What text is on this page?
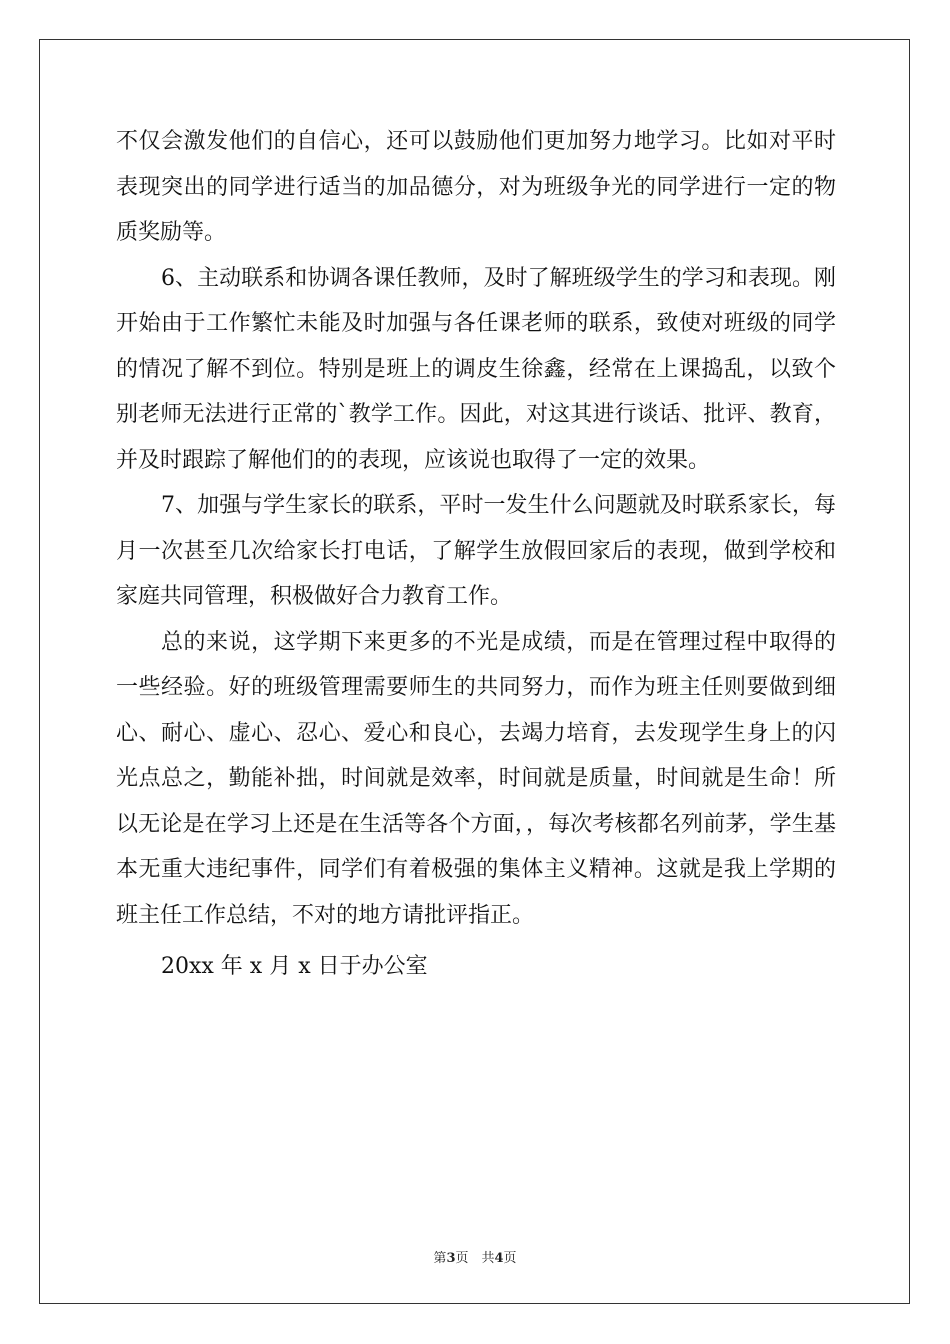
不仅会激发他们的自信心，还可以鼓励他们更加努力地学习。比如对平时表现突出的同学进行适当的加品德分，对为班级争光的同学进行一定的物质奖励等。

6、主动联系和协调各课任教师，及时了解班级学生的学习和表现。刚开始由于工作繁忙未能及时加强与各任课老师的联系，致使对班级的同学的情况了解不到位。特别是班上的调皮生徐鑫，经常在上课捣乱，以致个别老师无法进行正常的`教学工作。因此，对这其进行谈话、批评、教育，并及时跟踪了解他们的的表现，应该说也取得了一定的效果。

7、加强与学生家长的联系，平时一发生什么问题就及时联系家长，每月一次甚至几次给家长打电话，了解学生放假回家后的表现，做到学校和家庭共同管理，积极做好合力教育工作。

总的来说，这学期下来更多的不光是成绩，而是在管理过程中取得的一些经验。好的班级管理需要师生的共同努力，而作为班主任则要做到细心、耐心、虚心、忍心、爱心和良心，去竭力培育，去发现学生身上的闪光点总之，勤能补拙，时间就是效率，时间就是质量，时间就是生命！所以无论是在学习上还是在生活等各个方面，，每次考核都名列前茅，学生基本无重大违纪事件，同学们有着极强的集体主义精神。这就是我上学期的班主任工作总结，不对的地方请批评指正。

20xx 年 x 月 x 日于办公室

第3页　共4页
